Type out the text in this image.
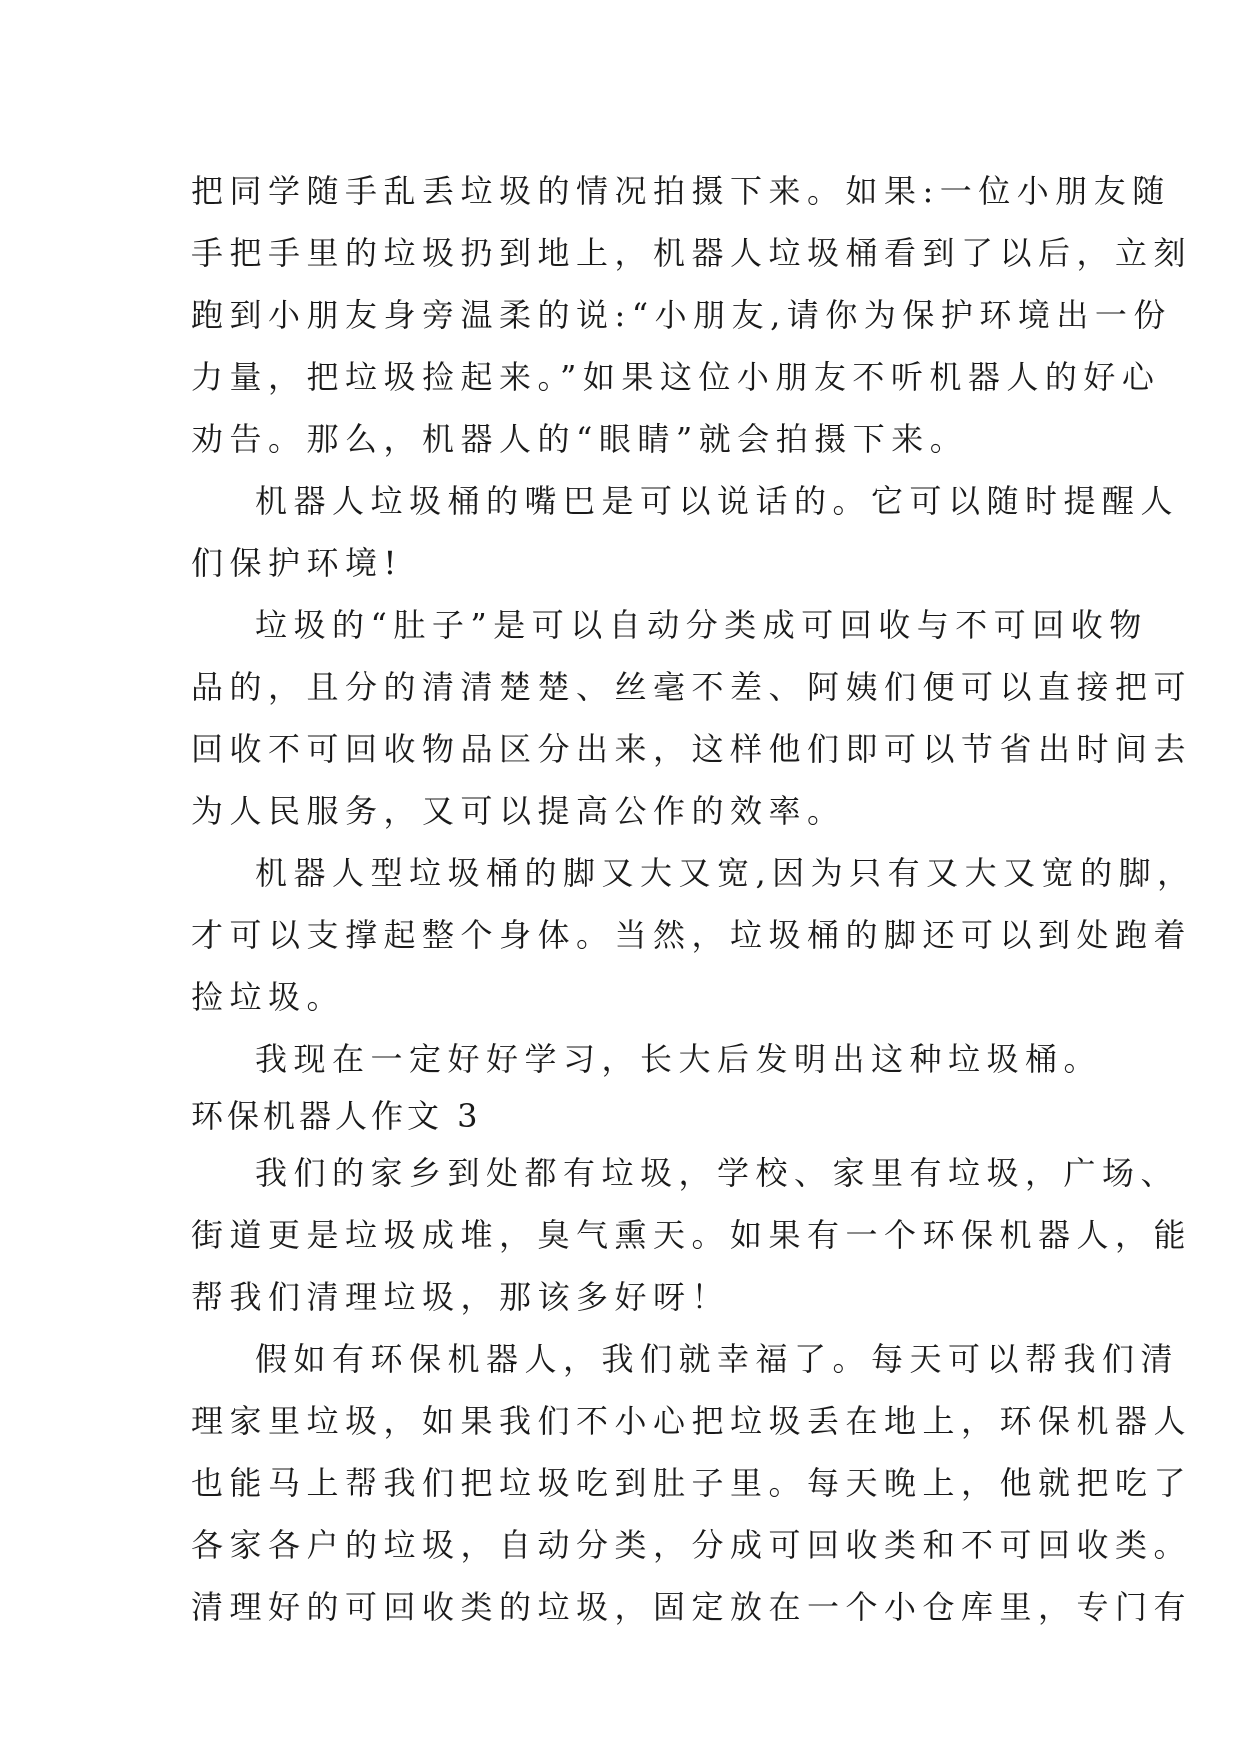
把同学随手乱丢垃圾的情况拍摄下来。如果:一位小朋友随
手把手里的垃圾扔到地上，机器人垃圾桶看到了以后，立刻
跑到小朋友身旁温柔的说:“小朋友,请你为保护环境出一份
力量，把垃圾捡起来。”如果这位小朋友不听机器人的好心
劝告。那么，机器人的“眼睛”就会拍摄下来。
机器人垃圾桶的嘴巴是可以说话的。它可以随时提醒人
们保护环境!
垃圾的“肚子”是可以自动分类成可回收与不可回收物
品的，且分的清清楚楚、丝毫不差、阿姨们便可以直接把可
回收不可回收物品区分出来，这样他们即可以节省出时间去
为人民服务，又可以提高公作的效率。
机器人型垃圾桶的脚又大又宽,因为只有又大又宽的脚，
才可以支撑起整个身体。当然，垃圾桶的脚还可以到处跑着
捡垃圾。
我现在一定好好学习，长大后发明出这种垃圾桶。
环保机器人作文 3
我们的家乡到处都有垃圾，学校、家里有垃圾，广场、
街道更是垃圾成堆，臭气熏天。如果有一个环保机器人，能
帮我们清理垃圾，那该多好呀！
假如有环保机器人，我们就幸福了。每天可以帮我们清
理家里垃圾，如果我们不小心把垃圾丢在地上，环保机器人
也能马上帮我们把垃圾吃到肚子里。每天晚上，他就把吃了
各家各户的垃圾，自动分类，分成可回收类和不可回收类。
清理好的可回收类的垃圾，固定放在一个小仓库里，专门有
